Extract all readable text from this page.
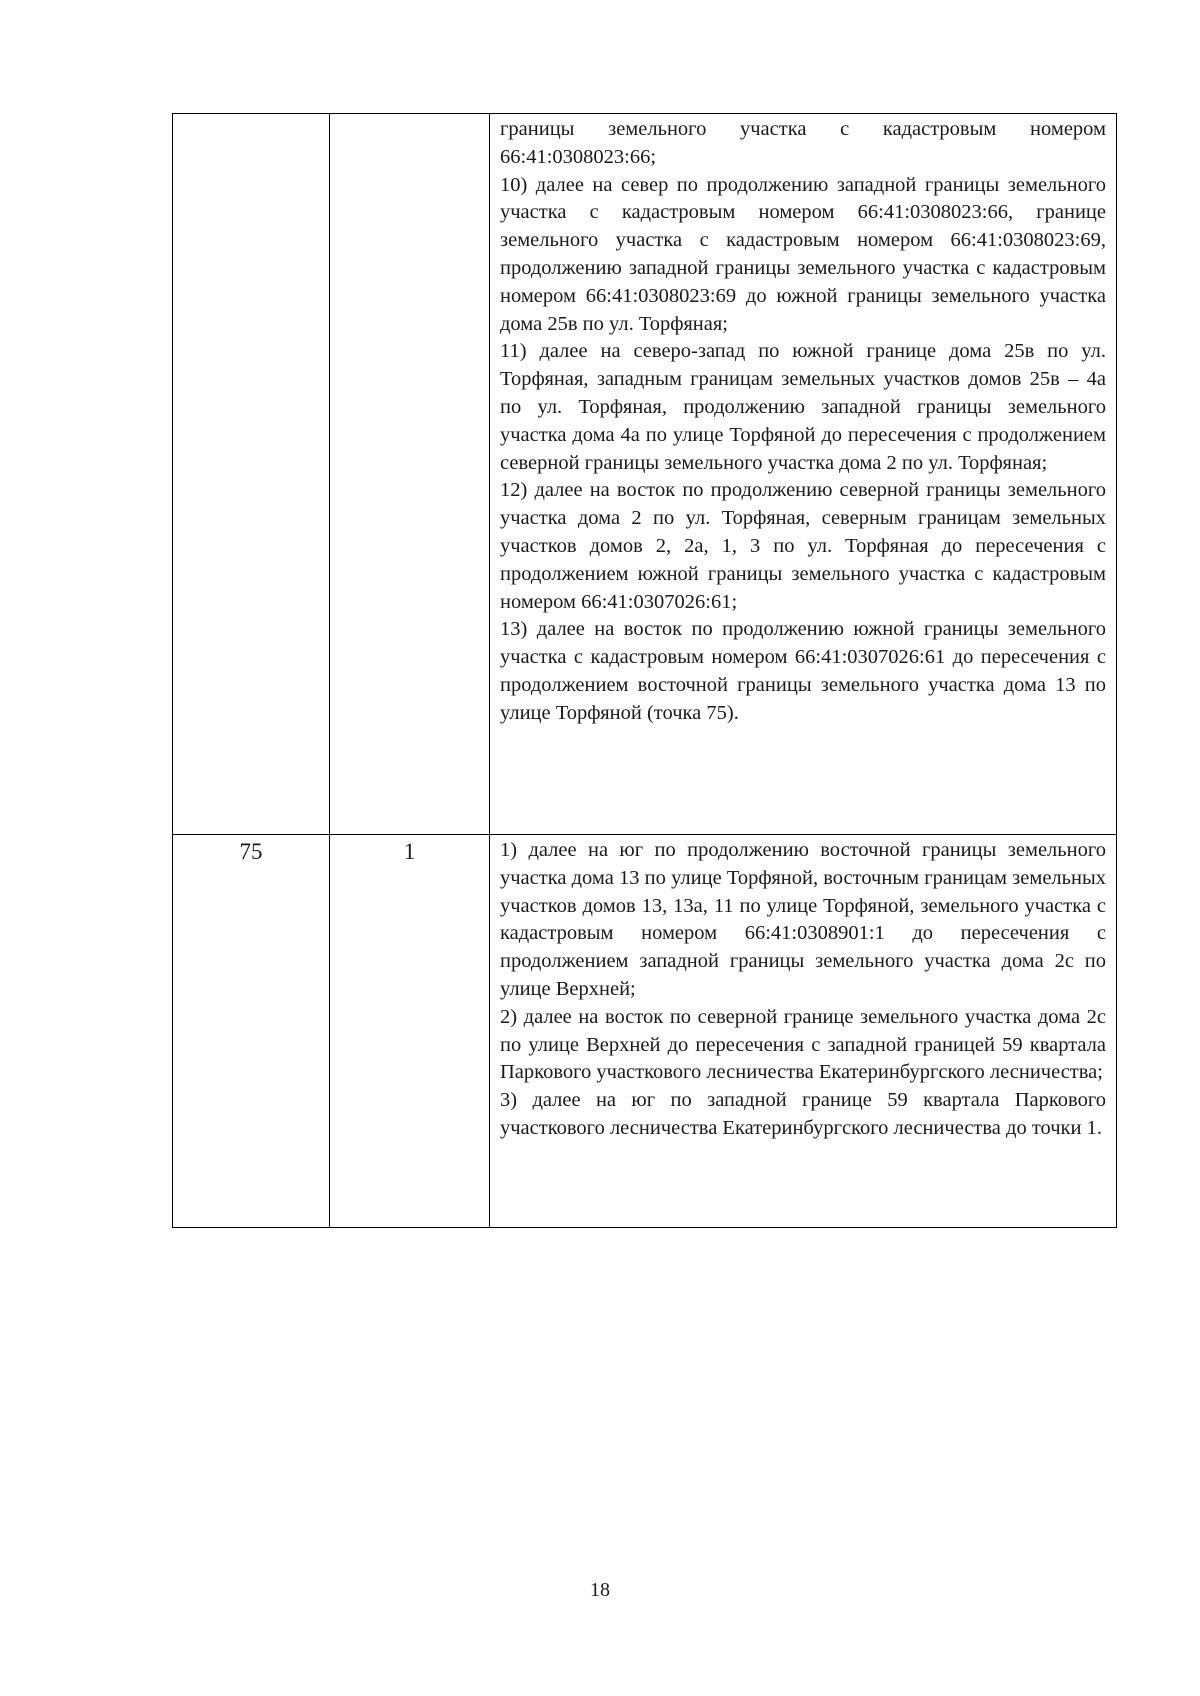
		границы земельного участка с кадастровым номером 66:41:0308023:66;

10) далее на север по продолжению западной границы земельного участка с кадастровым номером 66:41:0308023:66, границе земельного участка с кадастровым номером 66:41:0308023:69, продолжению западной границы земельного участка с кадастровым номером 66:41:0308023:69 до южной границы земельного участка дома 25в по ул. Торфяная;

11) далее на северо-запад по южной границе дома 25в по ул. Торфяная, западным границам земельных участков домов 25в – 4а по ул. Торфяная, продолжению западной границы земельного участка дома 4а по улице Торфяной до пересечения с продолжением северной границы земельного участка дома 2 по ул. Торфяная;

12) далее на восток по продолжению северной границы земельного участка дома 2 по ул. Торфяная, северным границам земельных участков домов 2, 2а, 1, 3 по ул. Торфяная до пересечения с продолжением южной границы земельного участка с кадастровым номером 66:41:0307026:61;

13) далее на восток по продолжению южной границы земельного участка с кадастровым номером 66:41:0307026:61 до пересечения с продолжением восточной границы земельного участка дома 13 по улице Торфяной (точка 75).

75	1	1) далее на юг по продолжению восточной границы земельного участка дома 13 по улице Торфяной, восточным границам земельных участков домов 13, 13а, 11 по улице Торфяной, земельного участка с кадастровым номером 66:41:0308901:1 до пересечения с продолжением западной границы земельного участка дома 2с по улице Верхней;

2) далее на восток по северной границе земельного участка дома 2с по улице Верхней до пересечения с западной границей 59 квартала Паркового участкового лесничества Екатеринбургского лесничества;

3) далее на юг по западной границе 59 квартала Паркового участкового лесничества Екатеринбургского лесничества до точки 1.

18
